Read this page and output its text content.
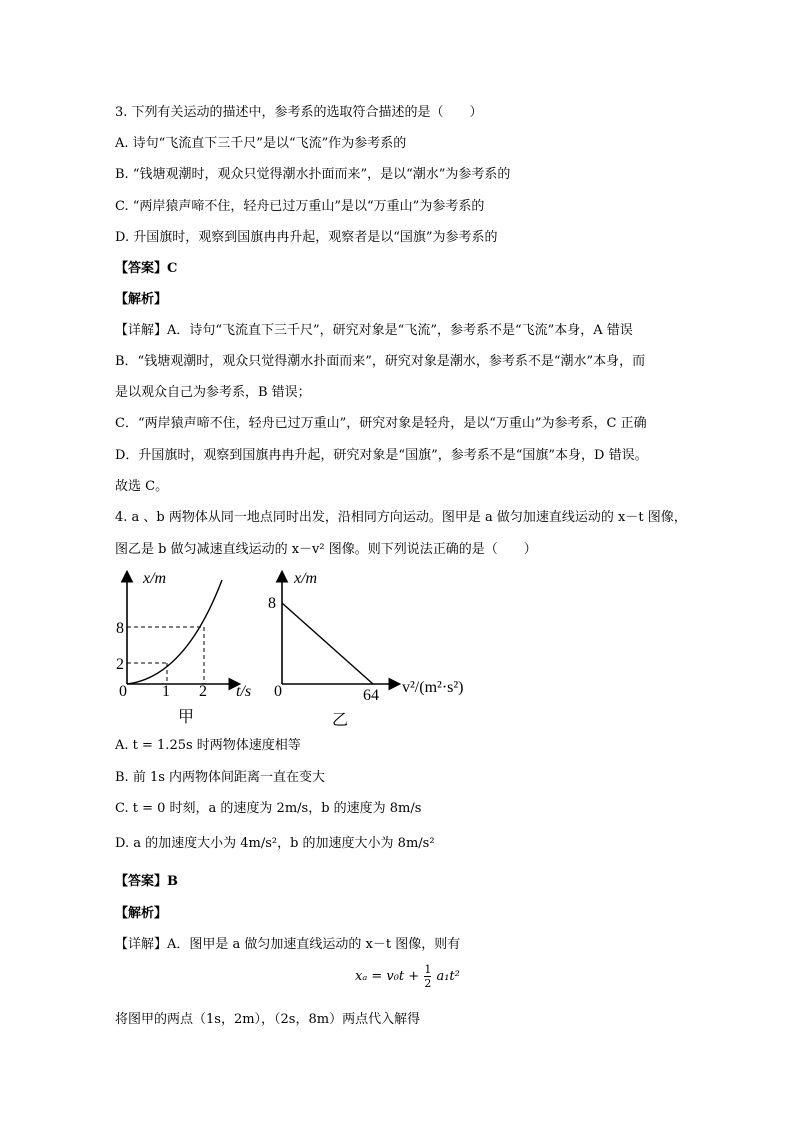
3. 下列有关运动的描述中，参考系的选取符合描述的是（　　）
A. 诗句“飞流直下三千尺”是以“飞流”作为参考系的
B. “钱塘观潮时，观众只觉得潮水扑面而来”，是以“潮水”为参考系的
C. “两岸猿声啼不住，轻舟已过万重山”是以“万重山”为参考系的
D. 升国旗时，观察到国旗冉冉升起，观察者是以“国旗”为参考系的
【答案】C
【解析】
【详解】A．诗句“飞流直下三千尺”，研究对象是“飞流”，参考系不是“飞流”本身，A 错误
B．“钱塘观潮时，观众只觉得潮水扑面而来”，研究对象是潮水，参考系不是“潮水”本身，而
是以观众自己为参考系，B 错误；
C．“两岸猿声啼不住，轻舟已过万重山”，研究对象是轻舟，是以“万重山”为参考系，C 正确
D．升国旗时，观察到国旗冉冉升起，研究对象是“国旗”，参考系不是“国旗”本身，D 错误。
故选 C。
4. a 、b 两物体从同一地点同时出发，沿相同方向运动。图甲是 a 做匀加速直线运动的 x－t 图像，
图乙是 b 做匀减速直线运动的 x－v² 图像。则下列说法正确的是（　　）
x/m
8
2
0 1 2 t/s
甲
x/m
8
0	64 v²/(m²·s²)
乙
A. t = 1.25s 时两物体速度相等
B. 前 1s 内两物体间距离一直在变大
C. t = 0 时刻，a 的速度为 2m/s，b 的速度为 8m/s
D. a 的加速度大小为 4m/s²，b 的加速度大小为 8m/s²
【答案】B
【解析】
【详解】A．图甲是 a 做匀加速直线运动的 x－t 图像，则有
$x_a = v_0t + \frac{1}{2} a_1t^2$
将图甲的两点（1s，2m），（2s，8m）两点代入解得
